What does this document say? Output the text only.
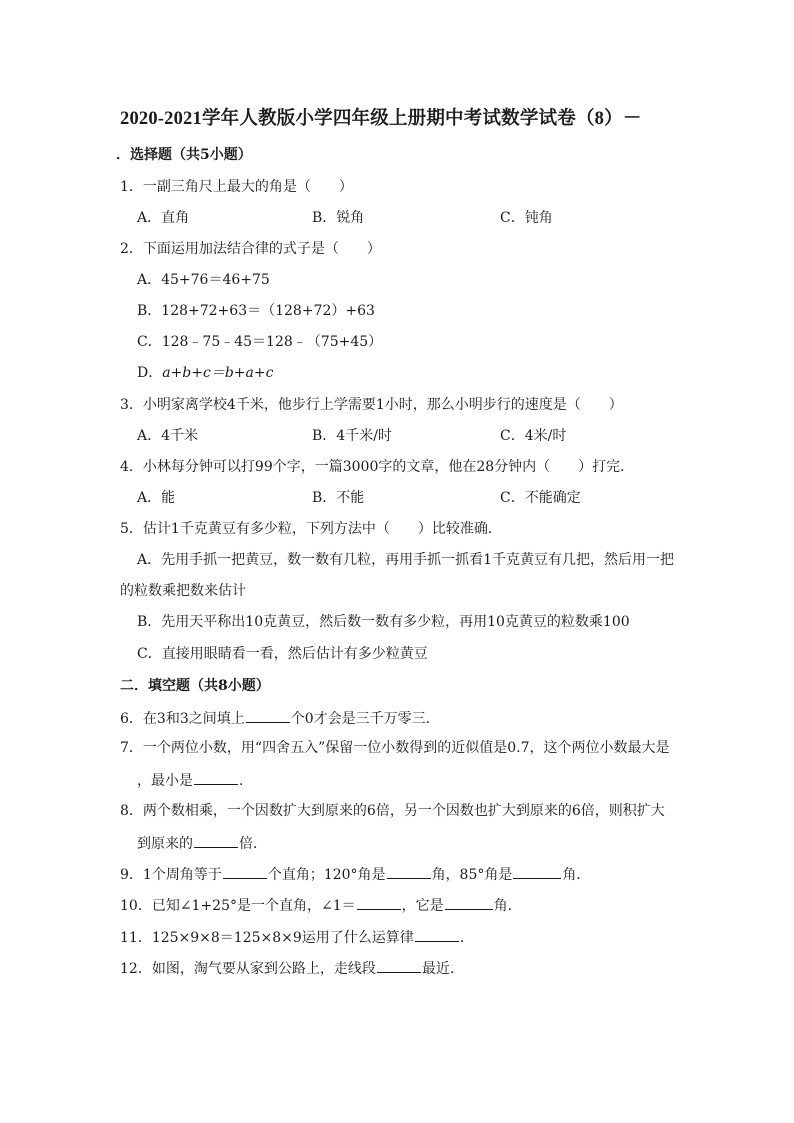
2020-2021学年人教版小学四年级上册期中考试数学试卷（8）－
．选择题（共5小题）
1．一副三角尺上最大的角是（　　）
A．直角	B．锐角	C．钝角
2．下面运用加法结合律的式子是（　　）
A．45+76＝46+75
B．128+72+63＝（128+72）+63
C．128﹣75﹣45＝128﹣（75+45）
D．a+b+c＝b+a+c
3．小明家离学校4千米，他步行上学需要1小时，那么小明步行的速度是（　　）
A．4千米	B．4千米/时	C．4米/时
4．小林每分钟可以打99个字，一篇3000字的文章，他在28分钟内（　　）打完．
A．能	B．不能	C．不能确定
5．估计1千克黄豆有多少粒，下列方法中（　　）比较准确．
A．先用手抓一把黄豆，数一数有几粒，再用手抓一抓看1千克黄豆有几把，然后用一把
的粒数乘把数来估计
B．先用天平称出10克黄豆，然后数一数有多少粒，再用10克黄豆的粒数乘100
C．直接用眼睛看一看，然后估计有多少粒黄豆
二．填空题（共8小题）
6．在3和3之间填上	个0才会是三千万零三．
7．一个两位小数，用“四舍五入”保留一位小数得到的近似值是0.7，这个两位小数最大是
，最小是	．
8．两个数相乘，一个因数扩大到原来的6倍，另一个因数也扩大到原来的6倍，则积扩大
到原来的	倍．
9．1个周角等于	个直角；120°角是	角，85°角是	角．
10．已知∠1+25°是一个直角，∠1＝	，它是	角．
11．125×9×8＝125×8×9运用了什么运算律	．
12．如图，淘气要从家到公路上，走线段	最近．
